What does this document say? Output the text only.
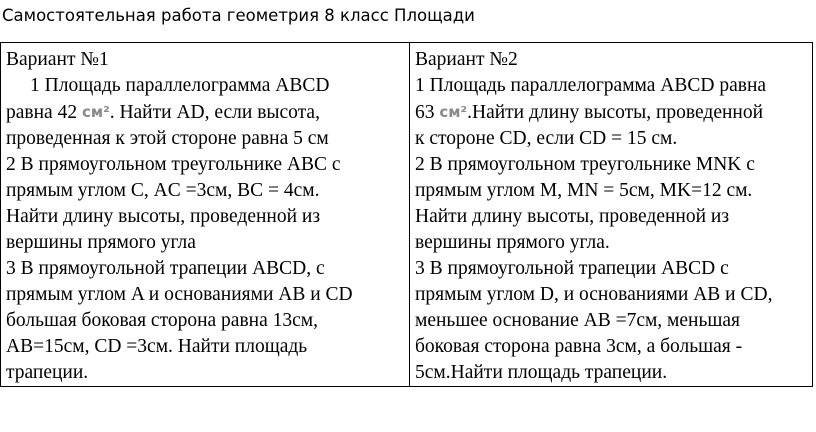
Самостоятельная работа геометрия 8 класс Площади
Вариант №1
1 Площадь параллелограмма ABCD
равна 42 см². Найти AD, если высота,
проведенная к этой стороне равна 5 см
2 В прямоугольном треугольнике ABC с
прямым углом С, AC =3см, BC = 4см.
Найти длину высоты, проведенной из
вершины прямого угла
3 В прямоугольной трапеции ABCD, с
прямым углом A и основаниями AB и CD
большая боковая сторона равна 13см,
AB=15см, CD =3см. Найти площадь
трапеции.

Вариант №2
1 Площадь параллелограмма ABCD равна
63 см².Найти длину высоты, проведенной
к стороне CD, если CD = 15 см.
2 В прямоугольном треугольнике MNK с
прямым углом M, MN = 5см, MK=12 см.
Найти длину высоты, проведенной из
вершины прямого угла.
3 В прямоугольной трапеции ABCD с
прямым углом D, и основаниями AB и CD,
меньшее основание AB =7см, меньшая
боковая сторона равна 3см, а большая -
5см.Найти площадь трапеции.
